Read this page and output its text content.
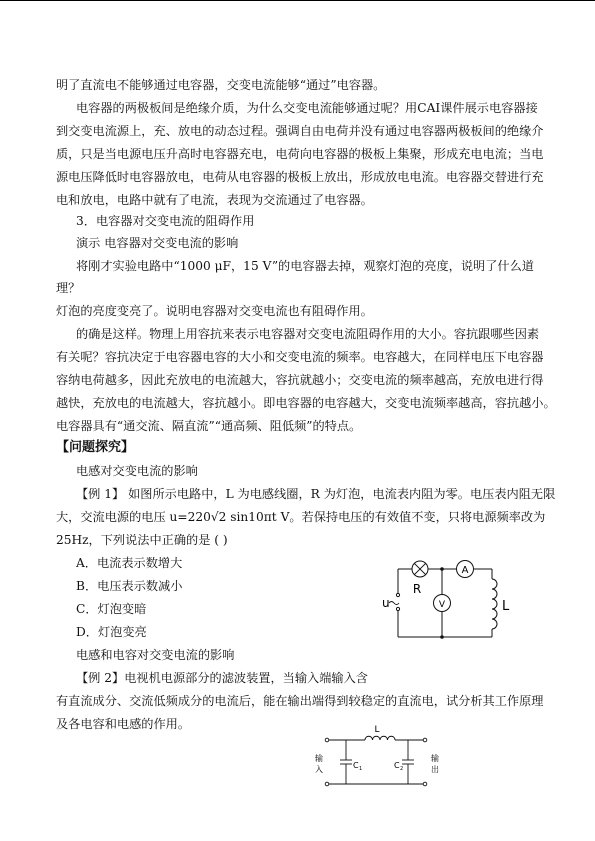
明了直流电不能够通过电容器，交变电流能够“通过”电容器。
电容器的两极板间是绝缘介质，为什么交变电流能够通过呢？用CAI课件展示电容器接
到交变电流源上，充、放电的动态过程。强调自由电荷并没有通过电容器两极板间的绝缘介
质，只是当电源电压升高时电容器充电，电荷向电容器的极板上集聚，形成充电电流；当电
源电压降低时电容器放电，电荷从电容器的极板上放出，形成放电电流。电容器交替进行充
电和放电，电路中就有了电流，表现为交流通过了电容器。
3．电容器对交变电流的阻碍作用
演示 电容器对交变电流的影响
将刚才实验电路中“1000 μF，15 V”的电容器去掉，观察灯泡的亮度，说明了什么道
理？
灯泡的亮度变亮了。说明电容器对交变电流也有阻碍作用。
的确是这样。物理上用容抗来表示电容器对交变电流阻碍作用的大小。容抗跟哪些因素
有关呢？容抗决定于电容器电容的大小和交变电流的频率。电容越大，在同样电压下电容器
容纳电荷越多，因此充放电的电流越大，容抗就越小；交变电流的频率越高，充放电进行得
越快，充放电的电流越大，容抗越小。即电容器的电容越大，交变电流频率越高，容抗越小。
电容器具有“通交流、隔直流”“通高频、阻低频”的特点。
【问题探究】
电感对交变电流的影响
【例 1】 如图所示电路中，L 为电感线圈，R 为灯泡，电流表内阻为零。电压表内阻无限
大，交流电源的电压 u=220√2 sin10πt V。若保持电压的有效值不变，只将电源频率改为
25Hz，下列说法中正确的是 ( )
A．电流表示数增大
B．电压表示数减小
C．灯泡变暗
D．灯泡变亮
电感和电容对交变电流的影响
【例 2】电视机电源部分的滤波装置，当输入端输入含
有直流成分、交流低频成分的电流后，能在输出端得到较稳定的直流电，试分析其工作原理
及各电容和电感的作用。
A
V
R
u	L
L
C 1	C 2
输
入
输
出
